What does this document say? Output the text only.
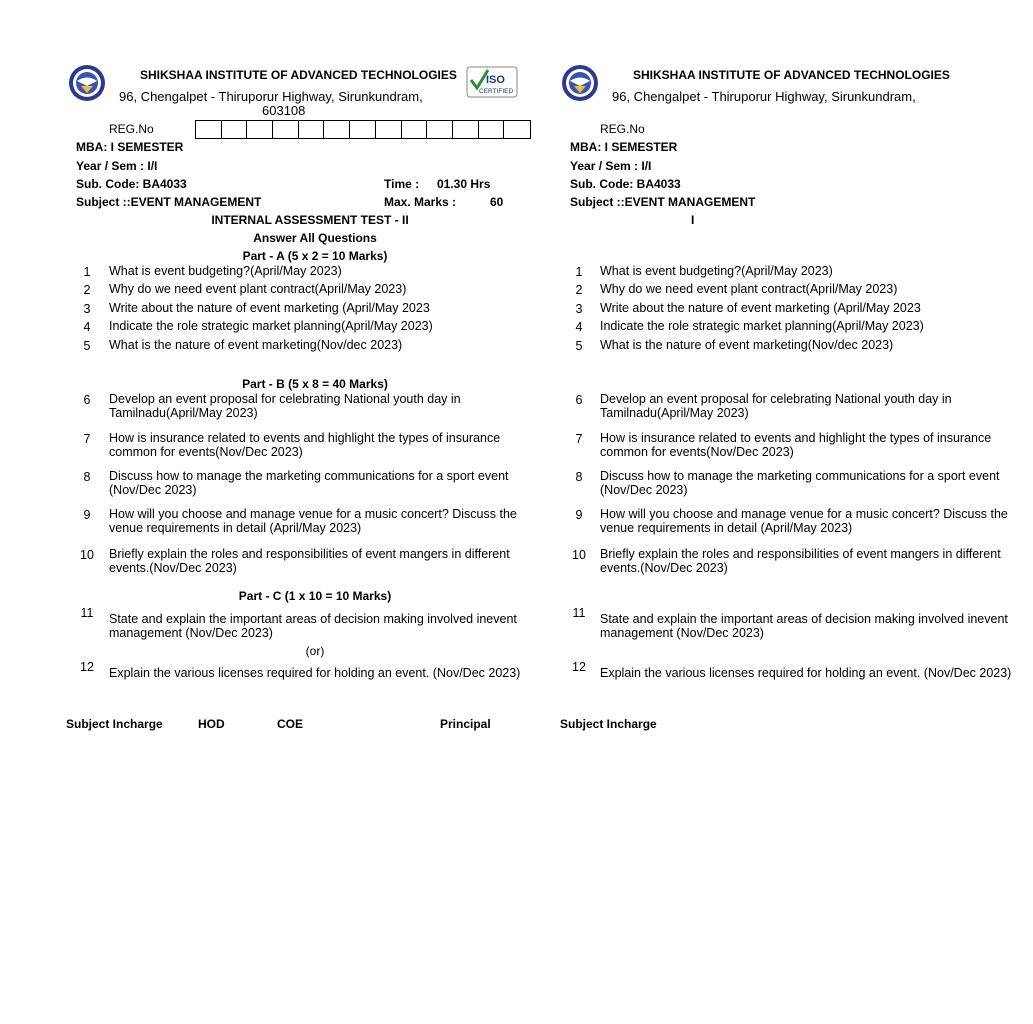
SHIKSHAA INSTITUTE OF ADVANCED TECHNOLOGIES
96, Chengalpet - Thiruporur Highway, Sirunkundram,
603108
ISO
CERTIFIED
REG.No
MBA: I SEMESTER
Year / Sem : I/I
Sub. Code: BA4033	Time : 01.30 Hrs
Subject ::EVENT MANAGEMENT	Max. Marks :	60
INTERNAL ASSESSMENT TEST - II
Answer All Questions
Part - A (5 x 2 = 10 Marks)
1	What is event budgeting?(April/May 2023)
2	Why do we need event plant contract(April/May 2023)
3	Write about the nature of event marketing (April/May 2023
4	Indicate the role strategic market planning(April/May 2023)
5	What is the nature of event marketing(Nov/dec 2023)
Part - B (5 x 8 = 40 Marks)
6	Develop an event proposal for celebrating National youth day in Tamilnadu(April/May 2023)
7	How is insurance related to events and highlight the types of insurance common for events(Nov/Dec 2023)
8	Discuss how to manage the marketing communications for a sport event (Nov/Dec 2023)
9	How will you choose and manage venue for a music concert? Discuss the venue requirements in detail (April/May 2023)
10	Briefly explain the roles and responsibilities of event mangers in different events.(Nov/Dec 2023)
Part - C (1 x 10 = 10 Marks)
11	State and explain the important areas of decision making involved inevent management (Nov/Dec 2023)
(or)
12	Explain the various licenses required for holding an event. (Nov/Dec 2023)
Subject Incharge	HOD	COE	Principal
SHIKSHAA INSTITUTE OF ADVANCED TECHNOLOGIES
96, Chengalpet - Thiruporur Highway, Sirunkundram,
REG.No
MBA: I SEMESTER
Year / Sem : I/I
Sub. Code: BA4033
Subject ::EVENT MANAGEMENT
I
1	What is event budgeting?(April/May 2023)
2	Why do we need event plant contract(April/May 2023)
3	Write about the nature of event marketing (April/May 2023
4	Indicate the role strategic market planning(April/May 2023)
5	What is the nature of event marketing(Nov/dec 2023)
6	Develop an event proposal for celebrating National youth day in Tamilnadu(April/May 2023)
7	How is insurance related to events and highlight the types of insurance common for events(Nov/Dec 2023)
8	Discuss how to manage the marketing communications for a sport event (Nov/Dec 2023)
9	How will you choose and manage venue for a music concert? Discuss the venue requirements in detail (April/May 2023)
10	Briefly explain the roles and responsibilities of event mangers in different events.(Nov/Dec 2023)
11	State and explain the important areas of decision making involved inevent management (Nov/Dec 2023)
12	Explain the various licenses required for holding an event. (Nov/Dec 2023)
Subject Incharge
